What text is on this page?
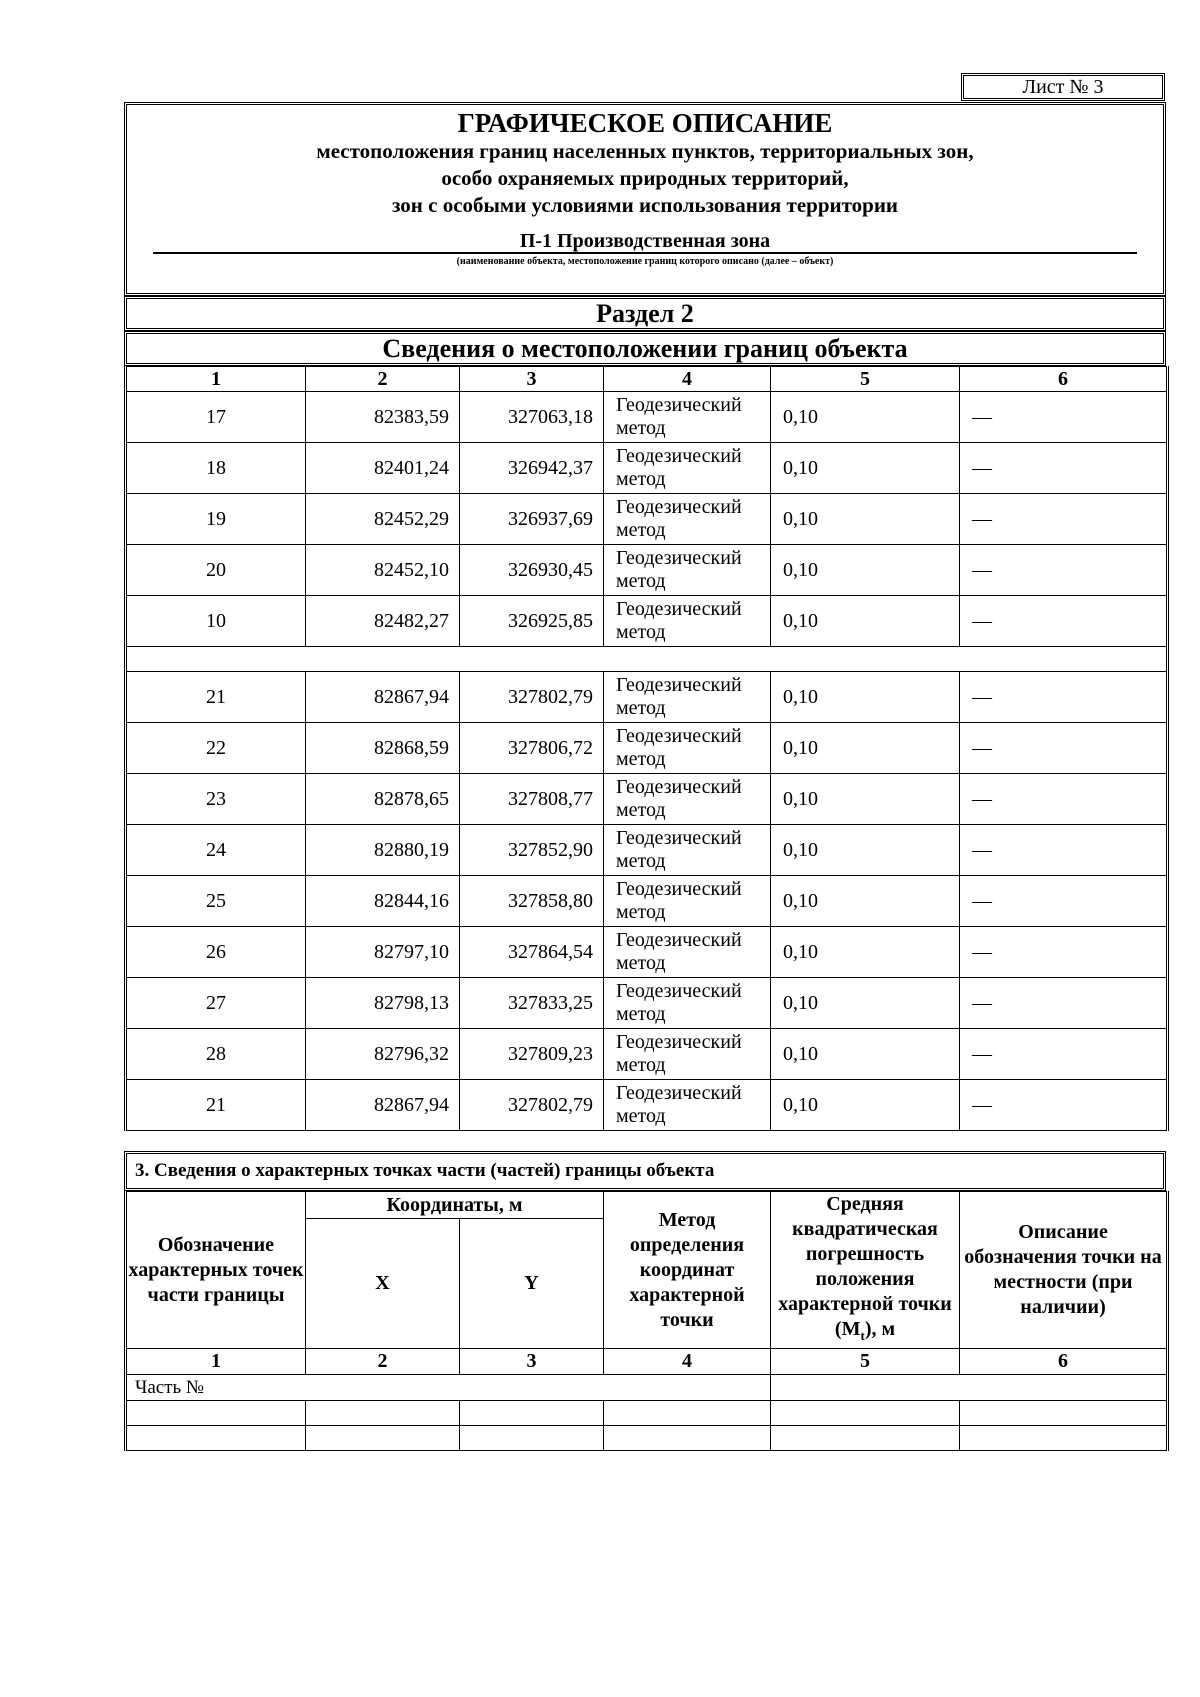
Лист № 3
ГРАФИЧЕСКОЕ ОПИСАНИЕ
местоположения границ населенных пунктов, территориальных зон,
особо охраняемых природных территорий,
зон с особыми условиями использования территории
П-1 Производственная зона
(наименование объекта, местоположение границ которого описано (далее – объект)
Раздел 2
Сведения о местоположении границ объекта
1	2	3	4	5	6
17	82383,59	327063,18	Геодезический метод	0,10	—
18	82401,24	326942,37	Геодезический метод	0,10	—
19	82452,29	326937,69	Геодезический метод	0,10	—
20	82452,10	326930,45	Геодезический метод	0,10	—
10	82482,27	326925,85	Геодезический метод	0,10	—

21	82867,94	327802,79	Геодезический метод	0,10	—
22	82868,59	327806,72	Геодезический метод	0,10	—
23	82878,65	327808,77	Геодезический метод	0,10	—
24	82880,19	327852,90	Геодезический метод	0,10	—
25	82844,16	327858,80	Геодезический метод	0,10	—
26	82797,10	327864,54	Геодезический метод	0,10	—
27	82798,13	327833,25	Геодезический метод	0,10	—
28	82796,32	327809,23	Геодезический метод	0,10	—
21	82867,94	327802,79	Геодезический метод	0,10	—
3. Сведения о характерных точках части (частей) границы объекта
Обозначение характерных точек части границы	Координаты, м		Метод определения координат характерной точки	Средняя квадратическая погрешность положения характерной точки $(M_t)$, м	Описание обозначения точки на местности (при наличии)
	X	Y			
1	2	3	4	5	6
Часть №					
